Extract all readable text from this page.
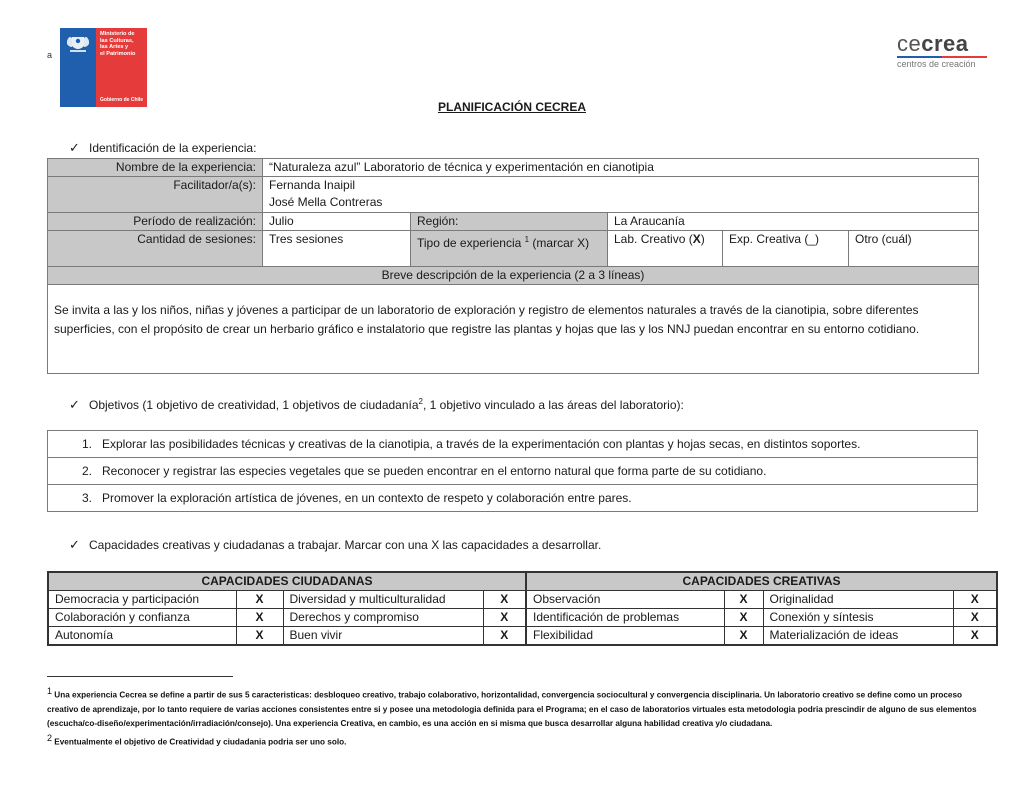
a
Ministerio de
las Culturas,
las Artes y
el Patrimonio
Gobierno de Chile
cecrea
centros de creación
PLANIFICACIÓN CECREA
✓ Identificación de la experiencia:
Nombre de la experiencia:	“Naturaleza azul” Laboratorio de técnica y experimentación en cianotipia				
Facilitador/a(s):	Fernanda Inaipil
José Mella Contreras				

Período de realización:	Julio	Región:	La Araucanía		
Cantidad de sesiones:	Tres sesiones	Tipo de experiencia $^1$ (marcar X)	Lab. Creativo (X)	Exp. Creativa (_)	Otro (cuál)
Breve descripción de la experiencia (2 a 3 líneas)					
Se invita a las y los niños, niñas y jóvenes a participar de un laboratorio de exploración y registro de elementos naturales a través de la cianotipia, sobre diferentes superficies, con el propósito de crear un herbario gráfico e instalatorio que registre las plantas y hojas que las y los NNJ puedan encontrar en su entorno cotidiano.					
✓ Objetivos (1 objetivo de creatividad, 1 objetivos de ciudadanía$^2$, 1 objetivo vinculado a las áreas del laboratorio):
1. Explorar las posibilidades técnicas y creativas de la cianotipia, a través de la experimentación con plantas y hojas secas, en distintos soportes.
2. Reconocer y registrar las especies vegetales que se pueden encontrar en el entorno natural que forma parte de su cotidiano.
3. Promover la exploración artística de jóvenes, en un contexto de respeto y colaboración entre pares.
✓ Capacidades creativas y ciudadanas a trabajar. Marcar con una X las capacidades a desarrollar.
CAPACIDADES CIUDADANAS				CAPACIDADES CREATIVAS			
Democracia y participación	X	Diversidad y multiculturalidad	X	Observación	X	Originalidad	X
Colaboración y confianza	X	Derechos y compromiso	X	Identificación de problemas	X	Conexión y síntesis	X
Autonomía	X	Buen vivir	X	Flexibilidad	X	Materialización de ideas	X
$^1$ Una experiencia Cecrea se define a partir de sus 5 caracteristicas: desbloqueo creativo, trabajo colaborativo, horizontalidad, convergencia sociocultural y convergencia disciplinaria. Un laboratorio creativo se define como un proceso creativo de aprendizaje, por lo tanto requiere de varias acciones consistentes entre si y posee una metodologia definida para el Programa; en el caso de laboratorios virtuales esta metodologia podria prescindir de alguno de sus elementos (escucha/co-diseño/experimentación/irradiación/consejo). Una experiencia Creativa, en cambio, es una acción en si misma que busca desarrollar alguna habilidad creativa y/o ciudadana.
$^2$ Eventualmente el objetivo de Creatividad y ciudadania podria ser uno solo.
